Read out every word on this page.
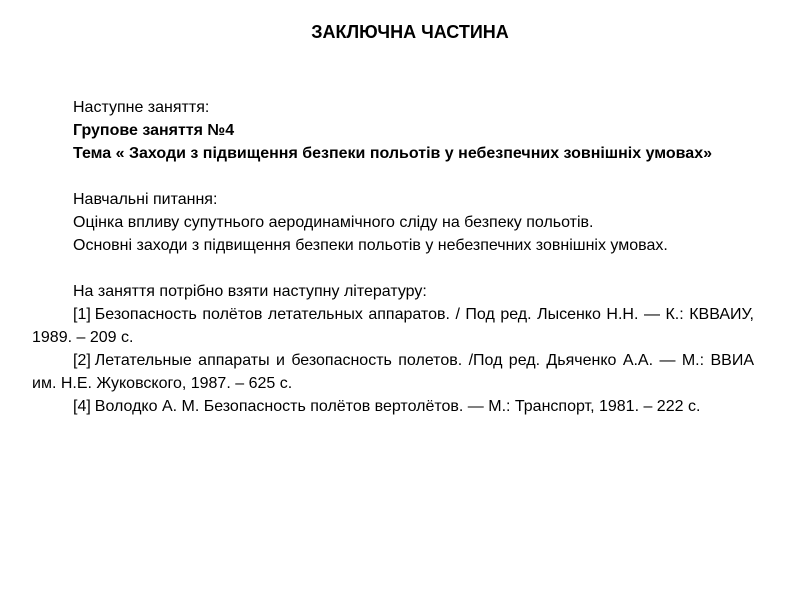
ЗАКЛЮЧНА ЧАСТИНА

Наступне заняття:

Групове заняття №4

Тема « Заходи з підвищення безпеки польотів у небезпечних зовнішніх умовах»

Навчальні питання:

Оцінка впливу супутнього аеродинамічного сліду на безпеку польотів.

Основні заходи з підвищення безпеки польотів у небезпечних зовнішніх умовах.

На заняття потрібно взяти наступну літературу:

[1] Безопасность полётов летательных аппаратов. / Под ред. Лысенко Н.Н. — К.: КВВАИУ, 1989. – 209 с.

[2] Летательные аппараты и безопасность полетов. /Под ред. Дьяченко А.А. — М.: ВВИА им. Н.Е. Жуковского, 1987. – 625 с.

[4] Володко А. М. Безопасность полётов вертолётов. — М.: Транспорт, 1981. – 222 с.
